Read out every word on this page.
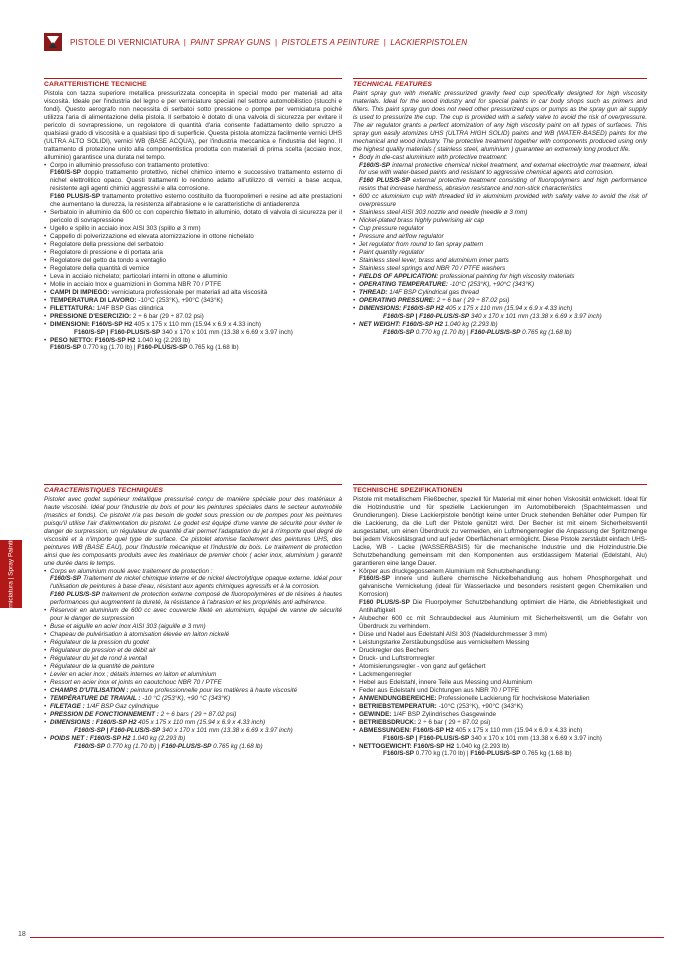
PISTOLE DI VERNICIATURA | PAINT SPRAY GUNS | PISTOLETS A PEINTURE | LACKIERPISTOLEN
Verniciatura | Spray Painting
CARATTERISTICHE TECNICHE

Pistola con tazza superiore metallica pressurizzata concepita in special modo per materiali ad alta viscosità. Ideale per l'industria del legno e per verniciature speciali nel settore automobilistico (stucchi e fondi). Questo aerografo non necessita di serbatoi sotto pressione o pompe per verniciatura poiché utilizza l'aria di alimentazione della pistola. Il serbatoio è dotato di una valvola di sicurezza per evitare il pericolo di sovrapressione, un regolatore di quantità d'aria consente l'adattamento dello spruzzo a qualsiasi grado di viscosità e a qualsiasi tipo di superficie. Questa pistola atomizza facilmente vernici UHS (ULTRA ALTO SOLIDI), vernici WB (BASE ACQUA), per l'industria meccanica e l'industria del legno. Il trattamento di protezione unito alla componentistica prodotta con materiali di prima scelta (acciaio inox, alluminio) garantisce una durata nel tempo.

• Corpo in alluminio pressofuso con trattamento protettivo:
F160/S-SP doppio trattamento protettivo, nichel chimico interno e successivo trattamento esterno di nichel elettrolitico opaco. Questi trattamenti lo rendono adatto all'utilizzo di vernici a base acqua, resistente agli agenti chimici aggressivi e alla corrosione.
F160 PLUS/S-SP trattamento protettivo esterno costituito da fluoropolimeri e resine ad alte prestazioni che aumentano la durezza, la resistenza all'abrasione e le caratteristiche di antiaderenza
• Serbatoio in alluminio da 600 cc con coperchio filettato in alluminio, dotato di valvola di sicurezza per il pericolo di sovrapressione
• Ugello e spillo in acciaio inox AISI 303 (spillo ø 3 mm)
• Cappello di polverizzazione ed elevata atomizzazione in ottone nichelato
• Regolatore della pressione del serbatoio
• Regolatore di pressione e di portata aria
• Regolatore del getto da tondo a ventaglio
• Regolatore della quantità di vernice
• Leva in acciaio nichelato; particolari interni in ottone e alluminio
• Molle in acciaio Inox e guarnizioni in Gomma NBR 70 / PTFE
• CAMPI DI IMPIEGO: verniciatura professionale per materiali ad alta viscosità
• TEMPERATURA DI LAVORO: -10°C (253°K), +90°C (343°K)
• FILETTATURA: 1/4F BSP Gas cilindrica
• PRESSIONE D'ESERCIZIO: 2 ÷ 6 bar (29 ÷ 87.02 psi)
• DIMENSIONI: F160/S-SP H2 405 x 175 x 110 mm (15.94 x 6.9 x 4.33 inch)
F160/S-SP | F160-PLUS/S-SP 340 x 170 x 101 mm (13.38 x 6.69 x 3.97 inch)
• PESO NETTO: F160/S-SP H2 1.040 kg (2.293 lb)
F160/S-SP 0.770 kg (1.70 lb) | F160-PLUS/S-SP 0.765 kg (1.68 lb)
TECHNICAL FEATURES

Paint spray gun with metallic pressurized gravity feed cup specifically designed for high viscosity materials. Ideal for the wood industry and for special paints in car body shops such as primers and fillers. This paint spray gun does not need other pressurized cups or pumps as the spray gun air supply is used to pressurize the cup. The cup is provided with a safety valve to avoid the risk of overpressure. The air regulator grants a perfect atomization of any high viscosity paint on all types of surfaces. This spray gun easily atomizes UHS (ULTRA HIGH SOLID) paints and WB (WATER-BASED) paints for the mechanical and wood industry. The protective treatment together with components produced using only the highest quality materials ( stainless steel, aluminium ) guarantee an extremely long product life.

• Body in die-cast aluminium with protective treatment:
F160/S-SP internal protective chemical nickel treatment, and external electrolytic mat treatment, ideal for use with water-based paints and resistant to aggressive chemical agents and corrosion.
F160 PLUS/S-SP external protective treatment consisting of fluoropolymers and high performance resins that increase hardness, abrasion resistance and non-stick characteristics
• 600 cc aluminium cup with threaded lid in aluminium provided with safety valve to avoid the risk of overpressure
• Stainless steel AISI 303 nozzle and needle (needle ø 3 mm)
• Nickel-plated brass highly pulverising air cap
• Cup pressure regulator
• Pressure and airflow regulator
• Jet regulator from round to fan spray pattern
• Paint quantity regulator
• Stainless steel lever, brass and aluminium inner parts
• Stainless steel springs and NBR 70 / PTFE washers
• FIELDS OF APPLICATION: professional painting for high viscosity materials
• OPERATING TEMPERATURE: -10°C (253°K), +90°C (343°K)
• THREAD: 1/4F BSP Cylindrical gas thread
• OPERATING PRESSURE: 2 ÷ 6 bar ( 29 ÷ 87.02 psi)
• DIMENSIONS: F160/S-SP H2 405 x 175 x 110 mm (15.94 x 6.9 x 4.33 inch)
F160/S-SP | F160-PLUS/S-SP 340 x 170 x 101 mm (13.38 x 6.69 x 3.97 inch)
• NET WEIGHT: F160/S-SP H2 1.040 kg (2.293 lb)
F160/S-SP 0.770 kg (1.70 lb) | F160-PLUS/S-SP 0.765 kg (1.68 lb)
CARACTERISTIQUES TECHNIQUES

Pistolet avec godet supérieur métallique pressurisé conçu de manière spéciale pour des matériaux à haute viscosité. Idéal pour l'industrie du bois et pour les peintures spéciales dans le secteur automobile (mastics et fonds). Ce pistolet n'a pas besoin de godet sous pression ou de pompes pour les peintures puisqu'il utilise l'air d'alimentation du pistolet. Le godet est équipé d'une vanne de sécurité pour éviter le danger de surpression, un régulateur de quantité d'air permet l'adaptation du jet à n'importe quel degré de viscosité et à n'importe quel type de surface. Ce pistolet atomise facilement des peintures UHS, des peintures WB (BASE EAU), pour l'industrie mécanique et l'industrie du bois. Le traitement de protection ainsi que les composants produits avec les matériaux de premier choix ( acier inox, aluminium ) garantit une durée dans le temps.

• Corps en aluminium moulé avec traitement de protection :
F160/S-SP Traitement de nickel chimique interne et de nickel électrolytique opaque externe. Idéal pour l'utilisation de peintures à base d'eau, résistant aux agents chimiques agressifs et à la corrosion.
F160 PLUS/S-SP traitement de protection externe composé de fluoropolymères et de résines à hautes performances qui augmentent la dureté, la résistance à l'abrasion et les propriétés anti adhérence.
• Réservoir en aluminium de 600 cc avec couvercle fileté en aluminium, équipé de vanne de sécurité pour le danger de surpression
• Buse et aiguille en acier inox AISI 303 (aiguille ø 3 mm)
• Chapeau de pulvérisation à atomisation élevée en laiton nickelé
• Régulateur de la pression du godet
• Régulateur de pression et de débit air
• Régulateur du jet de rond à ventail
• Régulateur de la quantité de peinture
• Levier en acier inox ; détails internes en laiton et aluminium
• Ressort en acier inox et joints en caoutchouc NBR 70 / PTFE
• CHAMPS D'UTILISATION : peinture professionnelle pour les matières à haute viscosité
• TEMPÉRATURE DE TRAVAIL : -10 °C (253°K), +90 °C (343°K)
• FILETAGE : 1/4F BSP Gaz cylindrique
• PRESSION DE FONCTIONNEMENT : 2 ÷ 6 bars ( 29 ÷ 87.02 psi)
• DIMENSIONS : F160/S-SP H2 405 x 175 x 110 mm (15.94 x 6.9 x 4.33 inch)
F160/S-SP | F160-PLUS/S-SP 340 x 170 x 101 mm (13.38 x 6.69 x 3.97 inch)
• POIDS NET : F160/S-SP H2 1.040 kg (2.293 lb)
F160/S-SP 0.770 kg (1.70 lb) | F160-PLUS/S-SP 0.765 kg (1.68 lb)
TECHNISCHE SPEZIFIKATIONEN

Pistole mit metallischem Fließbecher, speziell für Material mit einer hohen Viskosität entwickelt. Ideal für die Holzindustrie und für spezielle Lackierungen im Automobilbereich (Spachtelmassen und Grundierungen). Diese Lackierpistole benötigt keine unter Druck stehenden Behälter oder Pumpen für die Lackierung, da die Luft der Pistole genützt wird. Der Becher ist mit einem Sicherheitsventil ausgestattet, um einen Überdruck zu vermeiden, ein Luftmengenregler die Anpassung der Spritzmenge bei jedem Viskositätsgrad und auf jeder Oberflächenart ermöglicht. Diese Pistole zerstäubt einfach UHS-Lacke, WB - Lacke (WASSERBASIS) für die mechanische Industrie und die Holzindustrie.Die Schutzbehandlung gemeinsam mit den Komponenten aus erstklassigem Material (Edelstahl, Alu) garantieren eine lange Dauer.

• Körper aus druckgegossenem Aluminium mit Schutzbehandlung:
F160/S-SP innere und äußere chemische Nickelbehandlung aus hohem Phosphorgehalt und galvanische Vernickelung (ideal für Wasserlacke und besonders resistent gegen Chemikalien und Korrosion)
F160 PLUS/S-SP Die Fluorpolymer Schutzbehandlung optimiert die Härte, die Abriebfestigkeit und Antihaftigkeit
• Alubecher 600 cc mit Schraubdeckel aus Aluminium mit Sicherheitsventil, um die Gefahr von Überdruck zu verhindern.
• Düse und Nadel aus Edelstahl AISI 303 (Nadeldurchmesser 3 mm)
• Leistungstarke Zerstäubungsdüse aus vernickeltem Messing
• Druckregler des Bechers
• Druck- und Luftstromregler
• Atomisierungsregler - von ganz auf gefächert
• Lackmengenregler
• Hebel aus Edelstahl, innere Teile aus Messing und Aluminium
• Feder aus Edelstahl und Dichtungen aus NBR 70 / PTFE
• ANWENDUNGBEREICHE: Professionelle Lackierung für hochviskose Materialien
• BETRIEBSTEMPERATUR: -10°C (253°K), +90°C (343°K)
• GEWINDE: 1/4F BSP Zylindrisches Gasgewinde
• BETRIEBSDRUCK: 2 ÷ 6 bar ( 29 ÷ 87.02 psi)
• ABMESSUNGEN: F160/S-SP H2 405 x 175 x 110 mm (15.94 x 6.9 x 4.33 inch)
F160/S-SP | F160-PLUS/S-SP 340 x 170 x 101 mm (13.38 x 6.69 x 3.97 inch)
• NETTOGEWICHT: F160/S-SP H2 1.040 kg (2.293 lb)
F160/S-SP 0.770 kg (1.70 lb) | F160-PLUS/S-SP 0.765 kg (1.68 lb)
18
